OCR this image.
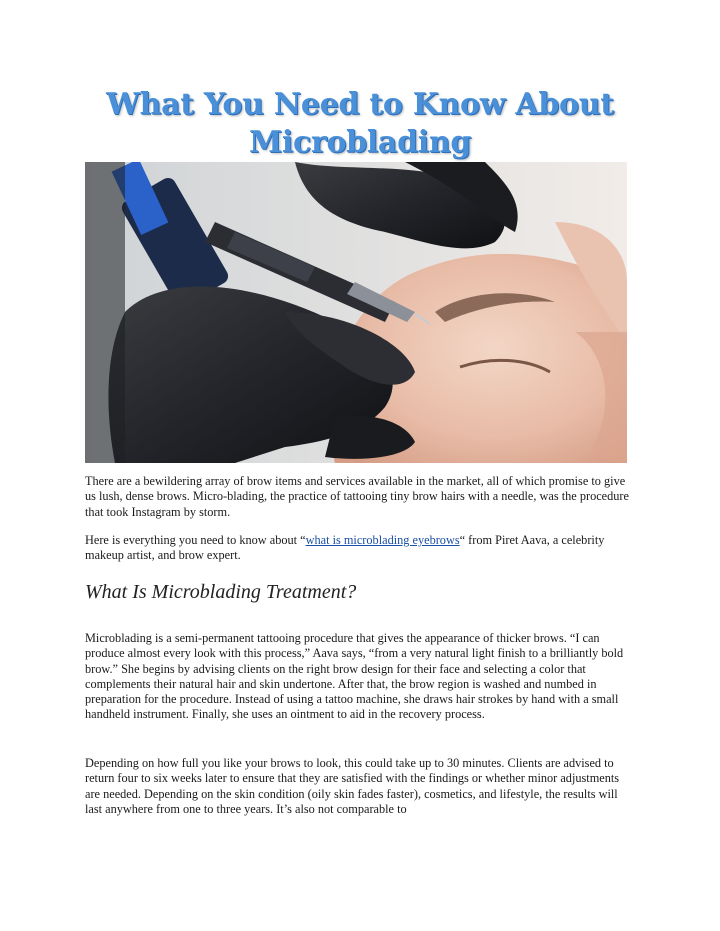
What You Need to Know About Microblading

There are a bewildering array of brow items and services available in the market, all of which promise to give us lush, dense brows. Micro-blading, the practice of tattooing tiny brow hairs with a needle, was the procedure that took Instagram by storm.

Here is everything you need to know about “what is microblading eyebrows“ from Piret Aava, a celebrity makeup artist, and brow expert.

What Is Microblading Treatment?

Microblading is a semi-permanent tattooing procedure that gives the appearance of thicker brows. “I can produce almost every look with this process,” Aava says, “from a very natural light finish to a brilliantly bold brow.” She begins by advising clients on the right brow design for their face and selecting a color that complements their natural hair and skin undertone. After that, the brow region is washed and numbed in preparation for the procedure. Instead of using a tattoo machine, she draws hair strokes by hand with a small handheld instrument. Finally, she uses an ointment to aid in the recovery process.

Depending on how full you like your brows to look, this could take up to 30 minutes. Clients are advised to return four to six weeks later to ensure that they are satisfied with the findings or whether minor adjustments are needed. Depending on the skin condition (oily skin fades faster), cosmetics, and lifestyle, the results will last anywhere from one to three years. It’s also not comparable to
